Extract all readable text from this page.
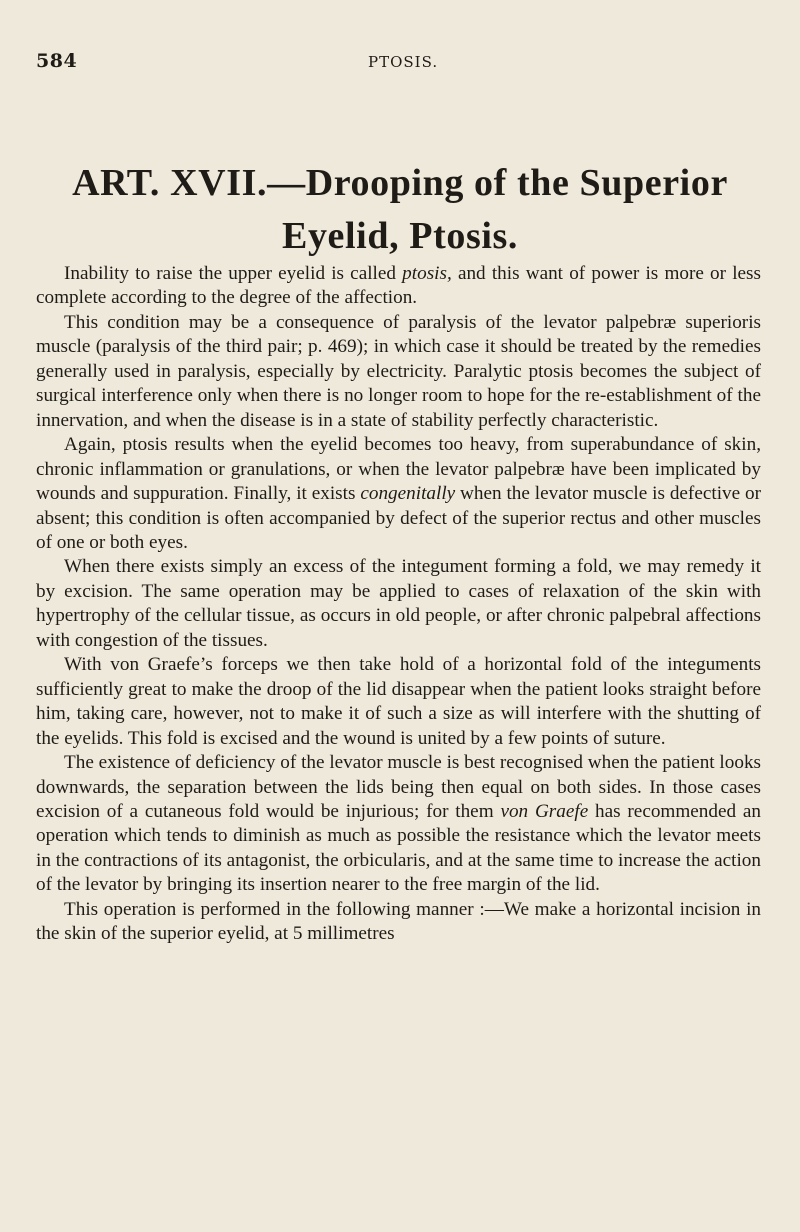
584	PTOSIS.
ART. XVII.—Drooping of the Superior
Eyelid, Ptosis.

Inability to raise the upper eyelid is called ptosis, and this want of power is more or less complete according to the degree of the affection.

This condition may be a consequence of paralysis of the levator palpebræ superioris muscle (paralysis of the third pair; p. 469); in which case it should be treated by the remedies generally used in paralysis, especially by electricity. Paralytic ptosis becomes the subject of surgical interference only when there is no longer room to hope for the re-establishment of the innervation, and when the disease is in a state of stability perfectly characteristic.

Again, ptosis results when the eyelid becomes too heavy, from superabundance of skin, chronic inflammation or granulations, or when the levator palpebræ have been implicated by wounds and suppuration. Finally, it exists congenitally when the levator muscle is defective or absent; this condition is often accompanied by defect of the superior rectus and other muscles of one or both eyes.

When there exists simply an excess of the integument forming a fold, we may remedy it by excision. The same operation may be applied to cases of relaxation of the skin with hypertrophy of the cellular tissue, as occurs in old people, or after chronic palpebral affections with congestion of the tissues.

With von Graefe’s forceps we then take hold of a horizontal fold of the integuments sufficiently great to make the droop of the lid disappear when the patient looks straight before him, taking care, however, not to make it of such a size as will interfere with the shutting of the eyelids. This fold is excised and the wound is united by a few points of suture.

The existence of deficiency of the levator muscle is best recognised when the patient looks downwards, the separation between the lids being then equal on both sides. In those cases excision of a cutaneous fold would be injurious; for them von Graefe has recommended an operation which tends to diminish as much as possible the resistance which the levator meets in the contractions of its antagonist, the orbicularis, and at the same time to increase the action of the levator by bringing its insertion nearer to the free margin of the lid.

This operation is performed in the following manner :—We make a horizontal incision in the skin of the superior eyelid, at 5 millimetres
